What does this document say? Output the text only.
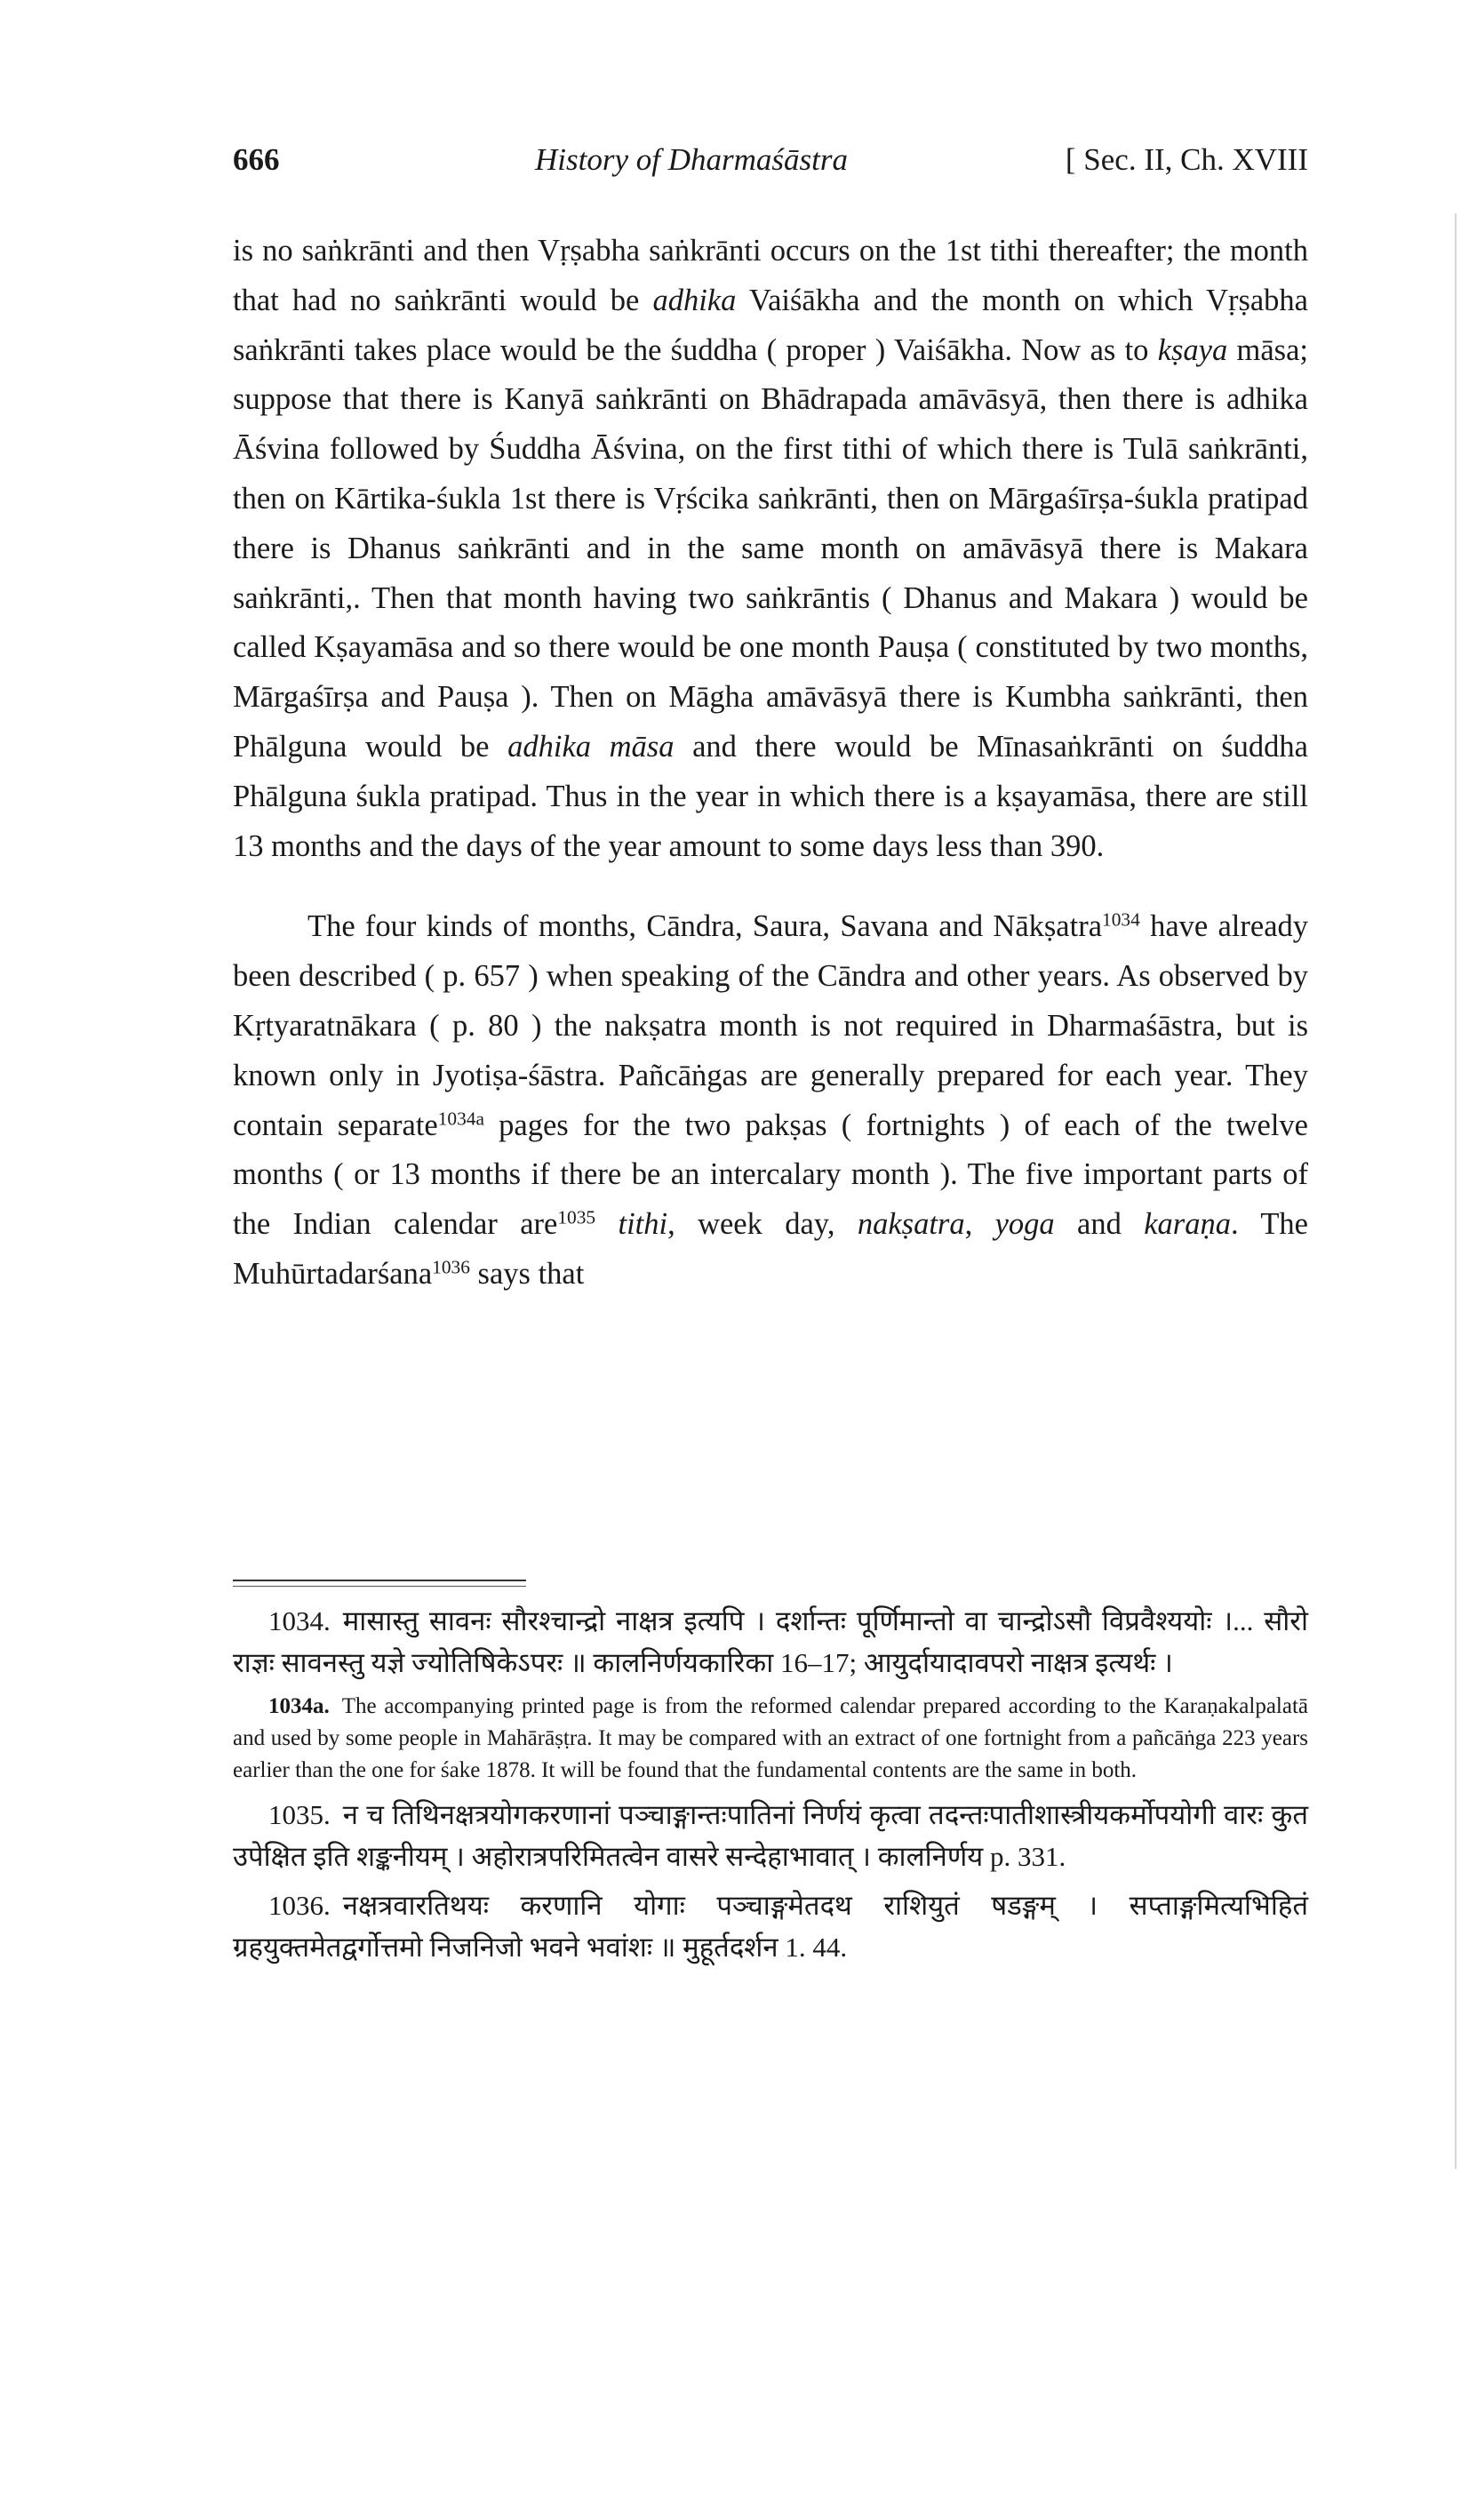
666	History of Dharmaśāstra	[ Sec. II, Ch. XVIII

is no saṅkrānti and then Vṛṣabha saṅkrānti occurs on the 1st tithi thereafter; the month that had no saṅkrānti would be adhika Vaiśākha and the month on which Vṛṣabha saṅkrānti takes place would be the śuddha ( proper ) Vaiśākha. Now as to kṣaya māsa; suppose that there is Kanyā saṅkrānti on Bhādrapada amāvāsyā, then there is adhika Āśvina followed by Śuddha Āśvina, on the first tithi of which there is Tulā saṅkrānti, then on Kārtika-śukla 1st there is Vṛścika saṅkrānti, then on Mārgaśīrṣa-śukla pratipad there is Dhanus saṅkrānti and in the same month on amāvāsyā there is Makara saṅkrānti,. Then that month having two saṅkrāntis ( Dhanus and Makara ) would be called Kṣayamāsa and so there would be one month Pauṣa ( constituted by two months, Mārgaśīrṣa and Pauṣa ). Then on Māgha amāvāsyā there is Kumbha saṅkrānti, then Phālguna would be adhika māsa and there would be Mīnasaṅkrānti on śuddha Phālguna śukla pratipad. Thus in the year in which there is a kṣayamāsa, there are still 13 months and the days of the year amount to some days less than 390.

The four kinds of months, Cāndra, Saura, Savana and Nākṣatra$^{1034}$ have already been described ( p. 657 ) when speaking of the Cāndra and other years. As observed by Kṛtyaratnākara ( p. 80 ) the nakṣatra month is not required in Dharmaśāstra, but is known only in Jyotiṣa-śāstra. Pañcāṅgas are generally prepared for each year. They contain separate$^{1034a}$ pages for the two pakṣas ( fortnights ) of each of the twelve months ( or 13 months if there be an intercalary month ). The five important parts of the Indian calendar are$^{1035}$ tithi, week day, nakṣatra, yoga and karaṇa. The Muhūrtadarśana$^{1036}$ says that

1034. मासास्तु सावनः सौरश्चान्द्रो नाक्षत्र इत्यपि । दर्शान्तः पूर्णिमान्तो वा चान्द्रोऽसौ विप्रवैश्ययोः ।... सौरो राज्ञः सावनस्तु यज्ञे ज्योतिषिकेऽपरः ॥ कालनिर्णयकारिका 16–17; आयुर्दायादावपरो नाक्षत्र इत्यर्थः ।

1034a. The accompanying printed page is from the reformed calendar prepared according to the Karaṇakalpalatā and used by some people in Mahārāṣṭra. It may be compared with an extract of one fortnight from a pañcāṅga 223 years earlier than the one for śake 1878. It will be found that the fundamental contents are the same in both.

1035. न च तिथिनक्षत्रयोगकरणानां पञ्चाङ्गान्तःपातिनां निर्णयं कृत्वा तदन्तःपातीशास्त्रीयकर्मोपयोगी वारः कुत उपेक्षित इति शङ्कनीयम् । अहोरात्रपरिमितत्वेन वासरे सन्देहाभावात् । कालनिर्णय p. 331.

1036. नक्षत्रवारतिथयः करणानि योगाः पञ्चाङ्गमेतदथ राशियुतं षडङ्गम् । सप्ताङ्गमित्यभिहितं ग्रहयुक्तमेतद्वर्गोत्तमो निजनिजो भवने भवांशः ॥ मुहूर्तदर्शन 1. 44.
